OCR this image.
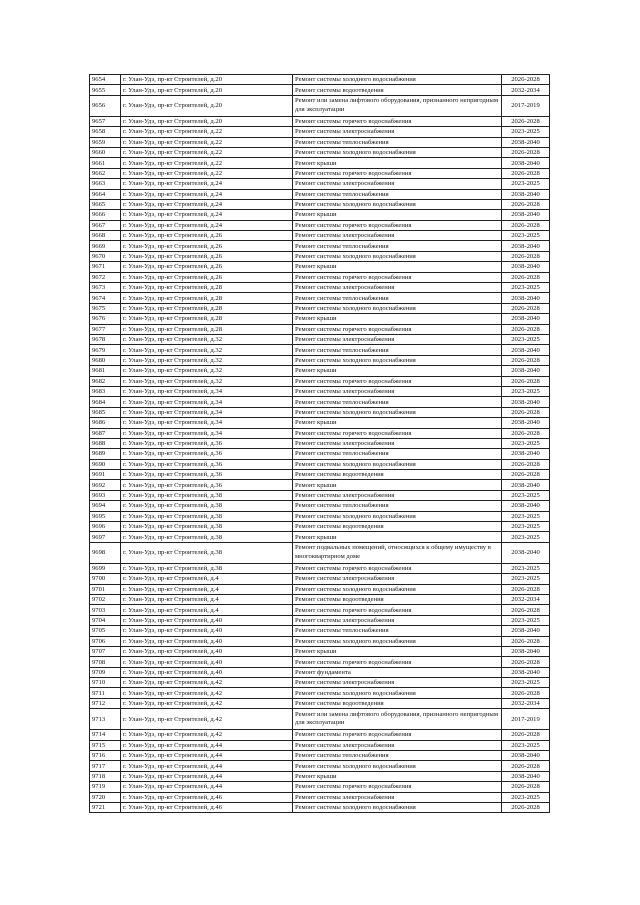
9654	г. Улан-Удэ, пр-кт Строителей, д.20	Ремонт системы холодного водоснабжения	2026-2028
9655	г. Улан-Удэ, пр-кт Строителей, д.20	Ремонт системы водоотведения	2032-2034
9656	г. Улан-Удэ, пр-кт Строителей, д.20	Ремонт или замена лифтового оборудования, признанного непригодным для эксплуатации	2017-2019
9657	г. Улан-Удэ, пр-кт Строителей, д.20	Ремонт системы горячего водоснабжения	2026-2028
9658	г. Улан-Удэ, пр-кт Строителей, д.22	Ремонт системы электроснабжения	2023-2025
9659	г. Улан-Удэ, пр-кт Строителей, д.22	Ремонт системы теплоснабжения	2038-2040
9660	г. Улан-Удэ, пр-кт Строителей, д.22	Ремонт системы холодного водоснабжения	2026-2028
9661	г. Улан-Удэ, пр-кт Строителей, д.22	Ремонт крыши	2038-2040
9662	г. Улан-Удэ, пр-кт Строителей, д.22	Ремонт системы горячего водоснабжения	2026-2028
9663	г. Улан-Удэ, пр-кт Строителей, д.24	Ремонт системы электроснабжения	2023-2025
9664	г. Улан-Удэ, пр-кт Строителей, д.24	Ремонт системы теплоснабжения	2038-2040
9665	г. Улан-Удэ, пр-кт Строителей, д.24	Ремонт системы холодного водоснабжения	2026-2028
9666	г. Улан-Удэ, пр-кт Строителей, д.24	Ремонт крыши	2038-2040
9667	г. Улан-Удэ, пр-кт Строителей, д.24	Ремонт системы горячего водоснабжения	2026-2028
9668	г. Улан-Удэ, пр-кт Строителей, д.26	Ремонт системы электроснабжения	2023-2025
9669	г. Улан-Удэ, пр-кт Строителей, д.26	Ремонт системы теплоснабжения	2038-2040
9670	г. Улан-Удэ, пр-кт Строителей, д.26	Ремонт системы холодного водоснабжения	2026-2028
9671	г. Улан-Удэ, пр-кт Строителей, д.26	Ремонт крыши	2038-2040
9672	г. Улан-Удэ, пр-кт Строителей, д.26	Ремонт системы горячего водоснабжения	2026-2028
9673	г. Улан-Удэ, пр-кт Строителей, д.28	Ремонт системы электроснабжения	2023-2025
9674	г. Улан-Удэ, пр-кт Строителей, д.28	Ремонт системы теплоснабжения	2038-2040
9675	г. Улан-Удэ, пр-кт Строителей, д.28	Ремонт системы холодного водоснабжения	2026-2028
9676	г. Улан-Удэ, пр-кт Строителей, д.28	Ремонт крыши	2038-2040
9677	г. Улан-Удэ, пр-кт Строителей, д.28	Ремонт системы горячего водоснабжения	2026-2028
9678	г. Улан-Удэ, пр-кт Строителей, д.32	Ремонт системы электроснабжения	2023-2025
9679	г. Улан-Удэ, пр-кт Строителей, д.32	Ремонт системы теплоснабжения	2038-2040
9680	г. Улан-Удэ, пр-кт Строителей, д.32	Ремонт системы холодного водоснабжения	2026-2028
9681	г. Улан-Удэ, пр-кт Строителей, д.32	Ремонт крыши	2038-2040
9682	г. Улан-Удэ, пр-кт Строителей, д.32	Ремонт системы горячего водоснабжения	2026-2028
9683	г. Улан-Удэ, пр-кт Строителей, д.34	Ремонт системы электроснабжения	2023-2025
9684	г. Улан-Удэ, пр-кт Строителей, д.34	Ремонт системы теплоснабжения	2038-2040
9685	г. Улан-Удэ, пр-кт Строителей, д.34	Ремонт системы холодного водоснабжения	2026-2028
9686	г. Улан-Удэ, пр-кт Строителей, д.34	Ремонт крыши	2038-2040
9687	г. Улан-Удэ, пр-кт Строителей, д.34	Ремонт системы горячего водоснабжения	2026-2028
9688	г. Улан-Удэ, пр-кт Строителей, д.36	Ремонт системы электроснабжения	2023-2025
9689	г. Улан-Удэ, пр-кт Строителей, д.36	Ремонт системы теплоснабжения	2038-2040
9690	г. Улан-Удэ, пр-кт Строителей, д.36	Ремонт системы холодного водоснабжения	2026-2028
9691	г. Улан-Удэ, пр-кт Строителей, д.36	Ремонт системы водоотведения	2026-2028
9692	г. Улан-Удэ, пр-кт Строителей, д.36	Ремонт крыши	2038-2040
9693	г. Улан-Удэ, пр-кт Строителей, д.38	Ремонт системы электроснабжения	2023-2025
9694	г. Улан-Удэ, пр-кт Строителей, д.38	Ремонт системы теплоснабжения	2038-2040
9695	г. Улан-Удэ, пр-кт Строителей, д.38	Ремонт системы холодного водоснабжения	2023-2025
9696	г. Улан-Удэ, пр-кт Строителей, д.38	Ремонт системы водоотведения	2023-2025
9697	г. Улан-Удэ, пр-кт Строителей, д.38	Ремонт крыши	2023-2025
9698	г. Улан-Удэ, пр-кт Строителей, д.38	Ремонт подвальных помещений, относящихся к общему имуществу в многоквартирном доме	2038-2040
9699	г. Улан-Удэ, пр-кт Строителей, д.38	Ремонт системы горячего водоснабжения	2023-2025
9700	г. Улан-Удэ, пр-кт Строителей, д.4	Ремонт системы электроснабжения	2023-2025
9701	г. Улан-Удэ, пр-кт Строителей, д.4	Ремонт системы холодного водоснабжения	2026-2028
9702	г. Улан-Удэ, пр-кт Строителей, д.4	Ремонт системы водоотведения	2032-2034
9703	г. Улан-Удэ, пр-кт Строителей, д.4	Ремонт системы горячего водоснабжения	2026-2028
9704	г. Улан-Удэ, пр-кт Строителей, д.40	Ремонт системы электроснабжения	2023-2025
9705	г. Улан-Удэ, пр-кт Строителей, д.40	Ремонт системы теплоснабжения	2038-2040
9706	г. Улан-Удэ, пр-кт Строителей, д.40	Ремонт системы холодного водоснабжения	2026-2028
9707	г. Улан-Удэ, пр-кт Строителей, д.40	Ремонт крыши	2038-2040
9708	г. Улан-Удэ, пр-кт Строителей, д.40	Ремонт системы горячего водоснабжения	2026-2028
9709	г. Улан-Удэ, пр-кт Строителей, д.40	Ремонт фундамента	2038-2040
9710	г. Улан-Удэ, пр-кт Строителей, д.42	Ремонт системы электроснабжения	2023-2025
9711	г. Улан-Удэ, пр-кт Строителей, д.42	Ремонт системы холодного водоснабжения	2026-2028
9712	г. Улан-Удэ, пр-кт Строителей, д.42	Ремонт системы водоотведения	2032-2034
9713	г. Улан-Удэ, пр-кт Строителей, д.42	Ремонт или замена лифтового оборудования, признанного непригодным для эксплуатации	2017-2019
9714	г. Улан-Удэ, пр-кт Строителей, д.42	Ремонт системы горячего водоснабжения	2026-2028
9715	г. Улан-Удэ, пр-кт Строителей, д.44	Ремонт системы электроснабжения	2023-2025
9716	г. Улан-Удэ, пр-кт Строителей, д.44	Ремонт системы теплоснабжения	2038-2040
9717	г. Улан-Удэ, пр-кт Строителей, д.44	Ремонт системы холодного водоснабжения	2026-2028
9718	г. Улан-Удэ, пр-кт Строителей, д.44	Ремонт крыши	2038-2040
9719	г. Улан-Удэ, пр-кт Строителей, д.44	Ремонт системы горячего водоснабжения	2026-2028
9720	г. Улан-Удэ, пр-кт Строителей, д.46	Ремонт системы электроснабжения	2023-2025
9721	г. Улан-Удэ, пр-кт Строителей, д.46	Ремонт системы холодного водоснабжения	2026-2028
